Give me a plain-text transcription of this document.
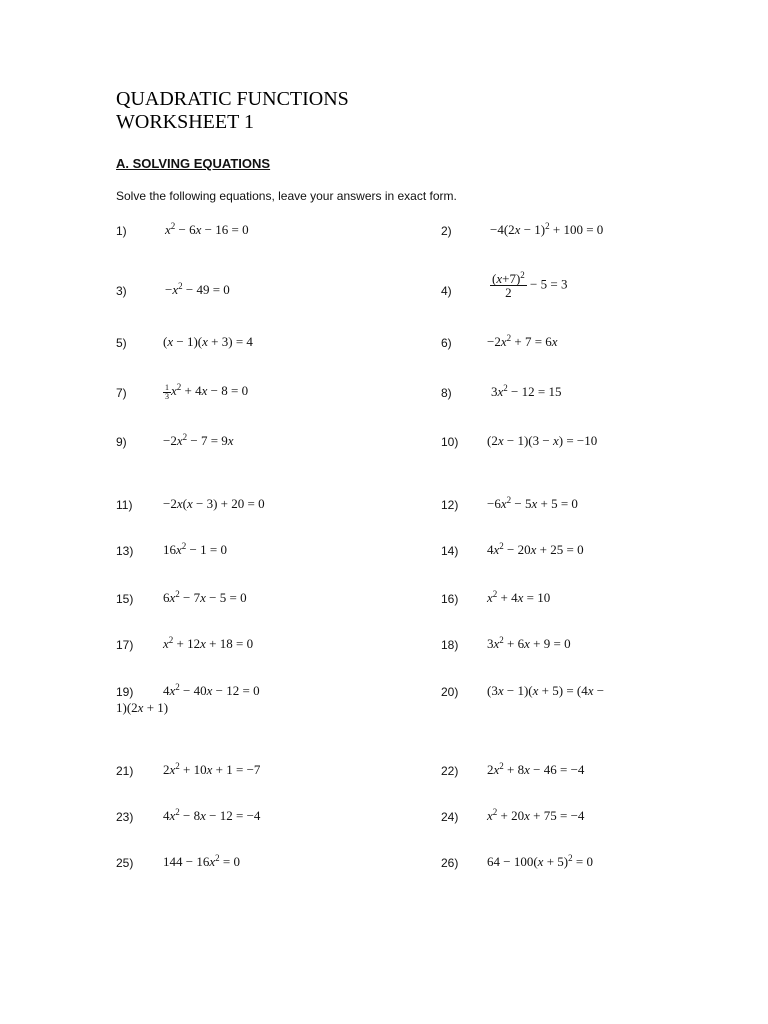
QUADRATIC FUNCTIONS
WORKSHEET 1
A. SOLVING EQUATIONS
Solve the following equations, leave your answers in exact form.
1)	$x^2 - 6x - 16 = 0$	2)	$-4(2x - 1)^2 + 100 = 0$
3)	$-x^2 - 49 = 0$	4)	$\frac{(x+7)^2}{2} - 5 = 3$
5)	(x − 1)(x + 3) = 4	6)	$-2x^2 + 7 = 6x$
7)	$\frac{1}{3} x^2 + 4x - 8 = 0$	8)	$3x^2 - 12 = 15$
9)	$-2x^2 - 7 = 9x$	10) (2x − 1)(3 − x) = −10
11) −2x(x − 3) + 20 = 0	$12) -6x^2 - 5x + 5 = 0$
13) $16x^2 - 1 = 0$	14) $4x^2 - 20x + 25 = 0$
15) $6x^2 - 7x - 5 = 0$	16) $x^2 + 4x = 10$
17) $x^2 + 12x + 18 = 0$	18) $3x^2 + 6x + 9 = 0$
19) $4x^2 - 40x - 12 = 0$	20) (3x − 1)(x + 5) = (4x −
1)(2x + 1)
21) $2x^2 + 10x + 1 = -7$	22) $2x^2 + 8x - 46 = -4$
23) $4x^2 - 8x - 12 = -4$	24) $x^2 + 20x + 75 = -4$
25) $144 - 16x^2 = 0$	26) $64 - 100(x + 5)^2 = 0$
